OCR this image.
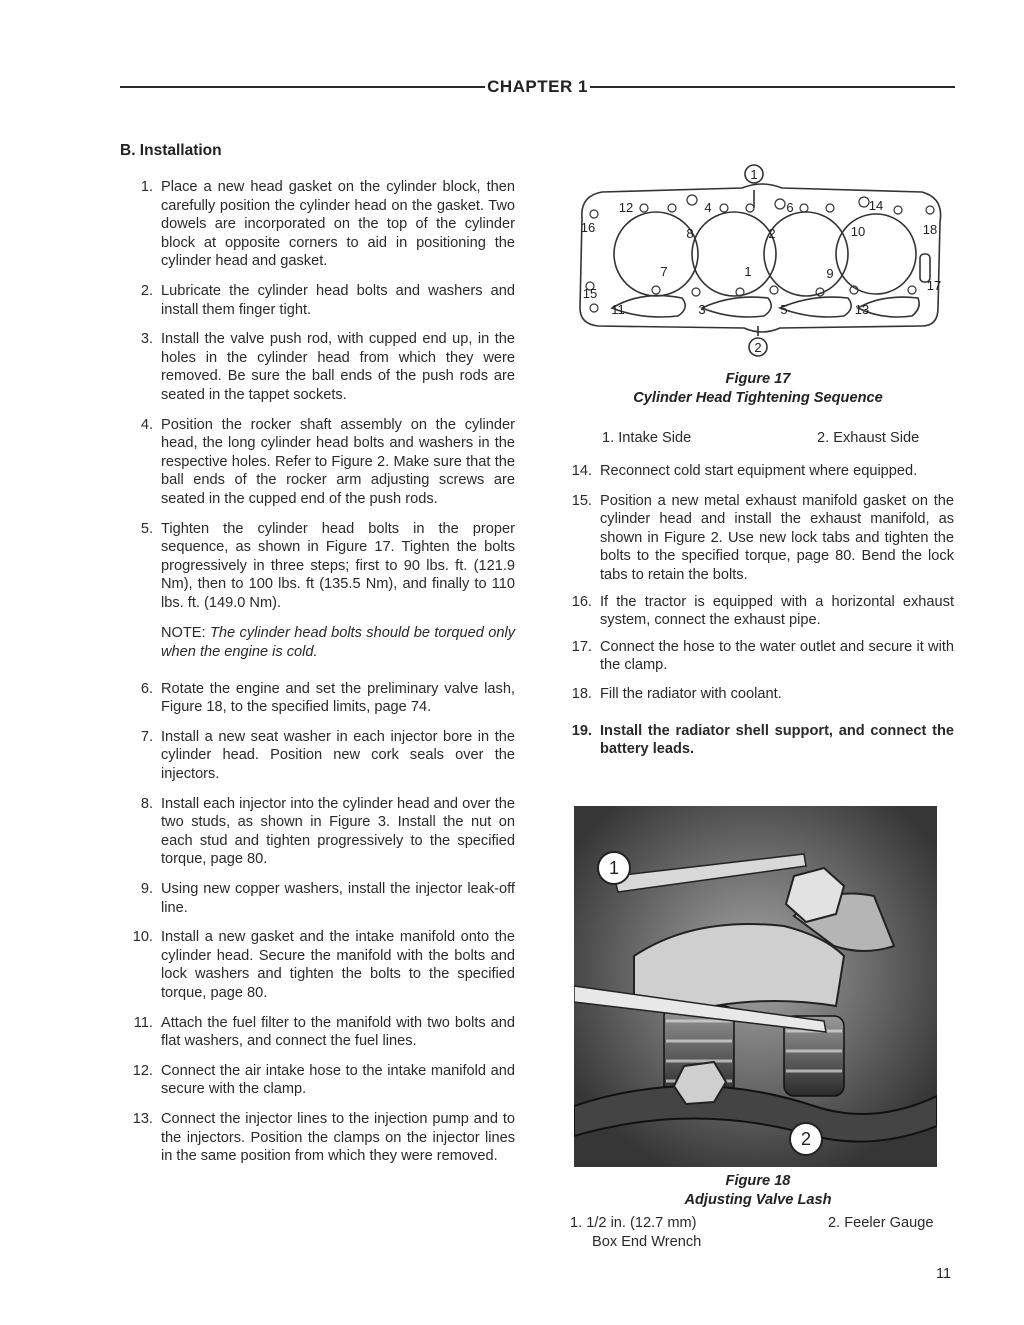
CHAPTER 1
B. Installation
1. Place a new head gasket on the cylinder block, then carefully position the cylinder head on the gasket. Two dowels are incorporated on the top of the cylinder block at opposite corners to aid in positioning the cylinder head and gasket.
2. Lubricate the cylinder head bolts and washers and install them finger tight.
3. Install the valve push rod, with cupped end up, in the holes in the cylinder head from which they were removed. Be sure the ball ends of the push rods are seated in the tappet sockets.
4. Position the rocker shaft assembly on the cylinder head, the long cylinder head bolts and washers in the respective holes. Refer to Figure 2. Make sure that the ball ends of the rocker arm adjusting screws are seated in the cupped end of the push rods.
5. Tighten the cylinder head bolts in the proper sequence, as shown in Figure 17. Tighten the bolts progressively in three steps; first to 90 lbs. ft. (121.9 Nm), then to 100 lbs. ft (135.5 Nm), and finally to 110 lbs. ft. (149.0 Nm).
NOTE: The cylinder head bolts should be torqued only when the engine is cold.
6. Rotate the engine and set the preliminary valve lash, Figure 18, to the specified limits, page 74.
7. Install a new seat washer in each injector bore in the cylinder head. Position new cork seals over the injectors.
8. Install each injector into the cylinder head and over the two studs, as shown in Figure 3. Install the nut on each stud and tighten progressively to the specified torque, page 80.
9. Using new copper washers, install the injector leak-off line.
10. Install a new gasket and the intake manifold onto the cylinder head. Secure the manifold with the bolts and lock washers and tighten the bolts to the specified torque, page 80.
11. Attach the fuel filter to the manifold with two bolts and flat washers, and connect the fuel lines.
12. Connect the air intake hose to the intake manifold and secure with the clamp.
13. Connect the injector lines to the injection pump and to the injectors. Position the clamps on the injector lines in the same position from which they were removed.
1
2
12	4	6	14
16	8	2	10	18
7	1	9
15
17
11	3	5	13
Figure 17
Cylinder Head Tightening Sequence
1. Intake Side	2. Exhaust Side
14. Reconnect cold start equipment where equipped.
15. Position a new metal exhaust manifold gasket on the cylinder head and install the exhaust manifold, as shown in Figure 2. Use new lock tabs and tighten the bolts to the specified torque, page 80. Bend the lock tabs to retain the bolts.
16. If the tractor is equipped with a horizontal exhaust system, connect the exhaust pipe.
17. Connect the hose to the water outlet and secure it with the clamp.
18. Fill the radiator with coolant.
19. Install the radiator shell support, and connect the battery leads.
1
2
Figure 18
Adjusting Valve Lash
1. 1/2 in. (12.7 mm)
Box End Wrench
2. Feeler Gauge
11
